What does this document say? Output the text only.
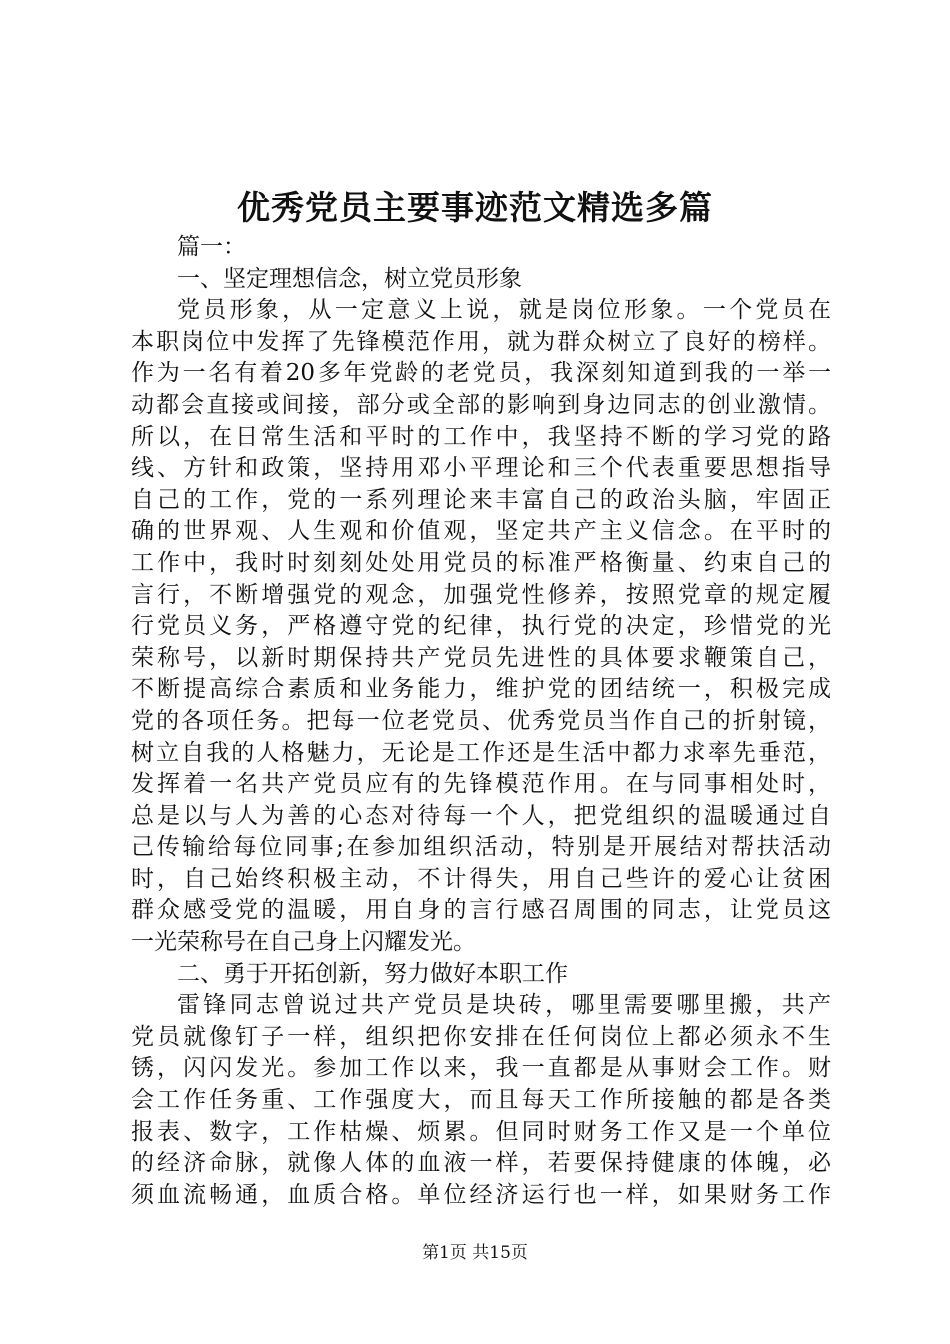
优秀党员主要事迹范文精选多篇
篇一：
一、坚定理想信念，树立党员形象
党员形象，从一定意义上说，就是岗位形象。一个党员在
本职岗位中发挥了先锋模范作用，就为群众树立了良好的榜样。
作为一名有着20多年党龄的老党员，我深刻知道到我的一举一
动都会直接或间接，部分或全部的影响到身边同志的创业激情。
所以，在日常生活和平时的工作中，我坚持不断的学习党的路
线、方针和政策，坚持用邓小平理论和三个代表重要思想指导
自己的工作，党的一系列理论来丰富自己的政治头脑，牢固正
确的世界观、人生观和价值观，坚定共产主义信念。在平时的
工作中，我时时刻刻处处用党员的标准严格衡量、约束自己的
言行，不断增强党的观念，加强党性修养，按照党章的规定履
行党员义务，严格遵守党的纪律，执行党的决定，珍惜党的光
荣称号，以新时期保持共产党员先进性的具体要求鞭策自己，
不断提高综合素质和业务能力，维护党的团结统一，积极完成
党的各项任务。把每一位老党员、优秀党员当作自己的折射镜，
树立自我的人格魅力，无论是工作还是生活中都力求率先垂范，
发挥着一名共产党员应有的先锋模范作用。在与同事相处时，
总是以与人为善的心态对待每一个人，把党组织的温暖通过自
己传输给每位同事;在参加组织活动，特别是开展结对帮扶活动
时，自己始终积极主动，不计得失，用自己些许的爱心让贫困
群众感受党的温暖，用自身的言行感召周围的同志，让党员这
一光荣称号在自己身上闪耀发光。
二、勇于开拓创新，努力做好本职工作
雷锋同志曾说过共产党员是块砖，哪里需要哪里搬，共产
党员就像钉子一样，组织把你安排在任何岗位上都必须永不生
锈，闪闪发光。参加工作以来，我一直都是从事财会工作。财
会工作任务重、工作强度大，而且每天工作所接触的都是各类
报表、数字，工作枯燥、烦累。但同时财务工作又是一个单位
的经济命脉，就像人体的血液一样，若要保持健康的体魄，必
须血流畅通，血质合格。单位经济运行也一样，如果财务工作
第1页 共15页
